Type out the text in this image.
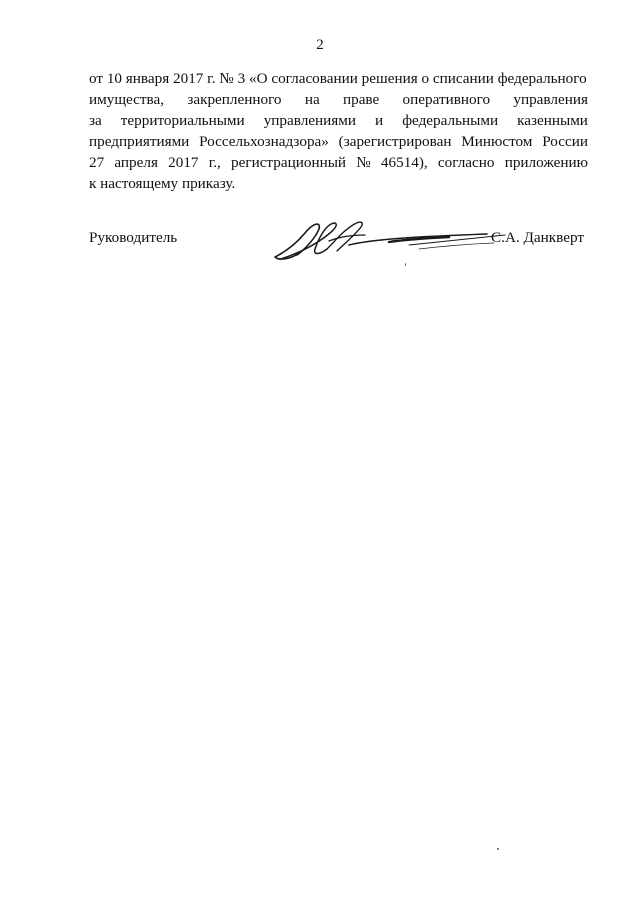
2
от 10 января 2017 г. № 3 «О согласовании решения о списании федерального
имущества, закрепленного на праве оперативного управления
за территориальными управлениями и федеральными казенными
предприятиями Россельхознадзора» (зарегистрирован Минюстом России
27 апреля 2017 г., регистрационный № 46514), согласно приложению
к настоящему приказу.
Руководитель	С.А. Данкверт
